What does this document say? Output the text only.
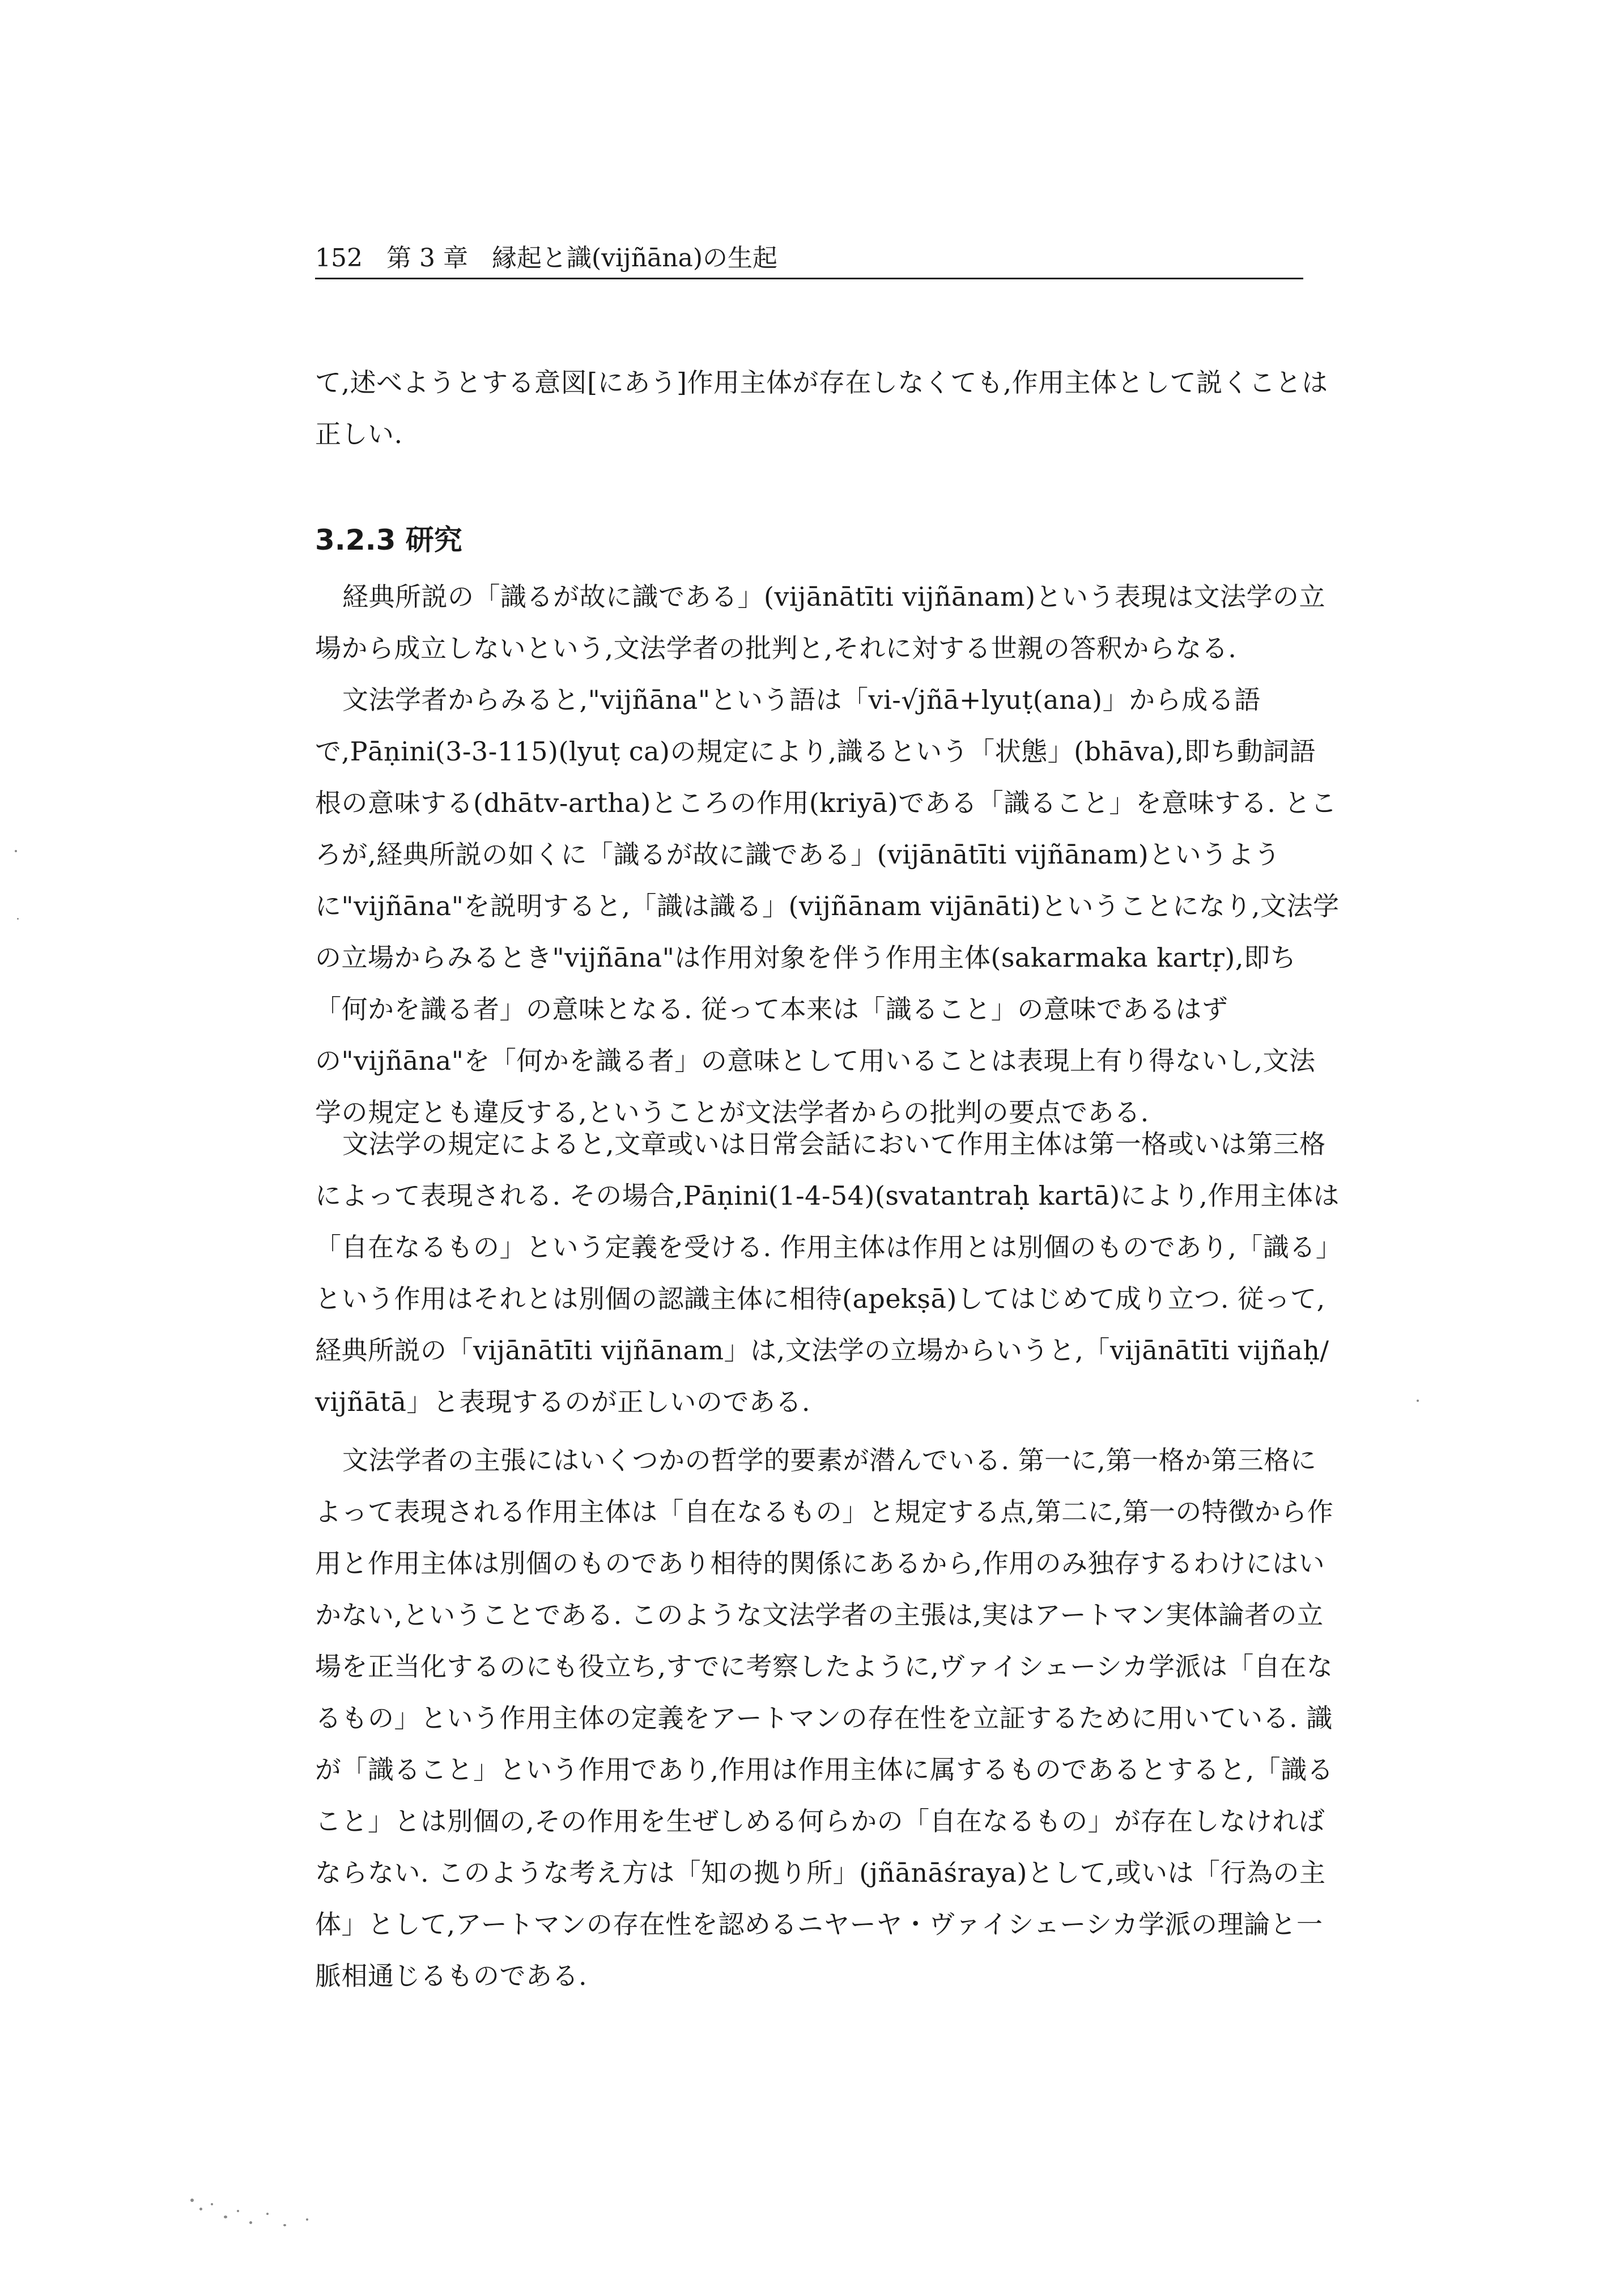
152 第 3 章 縁起と識(vijñāna)の生起

て,述べようとする意図[にあう]作用主体が存在しなくても,作用主体として説くことは正しい.

3.2.3 研究

経典所説の「識るが故に識である」(vijānātīti vijñānam)という表現は文法学の立場から成立しないという,文法学者の批判と,それに対する世親の答釈からなる.

文法学者からみると,"vijñāna"という語は「vi-√jñā+lyuṭ(ana)」から成る語で,Pāṇini(3-3-115)(lyuṭ ca)の規定により,識るという「状態」(bhāva),即ち動詞語根の意味する(dhātv-artha)ところの作用(kriyā)である「識ること」を意味する. ところが,経典所説の如くに「識るが故に識である」(vijānātīti vijñānam)というように"vijñāna"を説明すると,「識は識る」(vijñānam vijānāti)ということになり,文法学の立場からみるとき"vijñāna"は作用対象を伴う作用主体(sakarmaka kartṛ),即ち「何かを識る者」の意味となる. 従って本来は「識ること」の意味であるはずの"vijñāna"を「何かを識る者」の意味として用いることは表現上有り得ないし,文法学の規定とも違反する,ということが文法学者からの批判の要点である.

文法学の規定によると,文章或いは日常会話において作用主体は第一格或いは第三格によって表現される. その場合,Pāṇini(1-4-54)(svatantraḥ kartā)により,作用主体は「自在なるもの」という定義を受ける. 作用主体は作用とは別個のものであり,「識る」という作用はそれとは別個の認識主体に相待(apekṣā)してはじめて成り立つ. 従って,経典所説の「vijānātīti vijñānam」は,文法学の立場からいうと,「vijānātīti vijñaḥ/ vijñātā」と表現するのが正しいのである.

文法学者の主張にはいくつかの哲学的要素が潜んでいる. 第一に,第一格か第三格によって表現される作用主体は「自在なるもの」と規定する点,第二に,第一の特徴から作用と作用主体は別個のものであり相待的関係にあるから,作用のみ独存するわけにはいかない,ということである. このような文法学者の主張は,実はアートマン実体論者の立場を正当化するのにも役立ち,すでに考察したように,ヴァイシェーシカ学派は「自在なるもの」という作用主体の定義をアートマンの存在性を立証するために用いている. 識が「識ること」という作用であり,作用は作用主体に属するものであるとすると,「識ること」とは別個の,その作用を生ぜしめる何らかの「自在なるもの」が存在しなければならない. このような考え方は「知の拠り所」(jñānāśraya)として,或いは「行為の主体」として,アートマンの存在性を認めるニヤーヤ・ヴァイシェーシカ学派の理論と一脈相通じるものである.
